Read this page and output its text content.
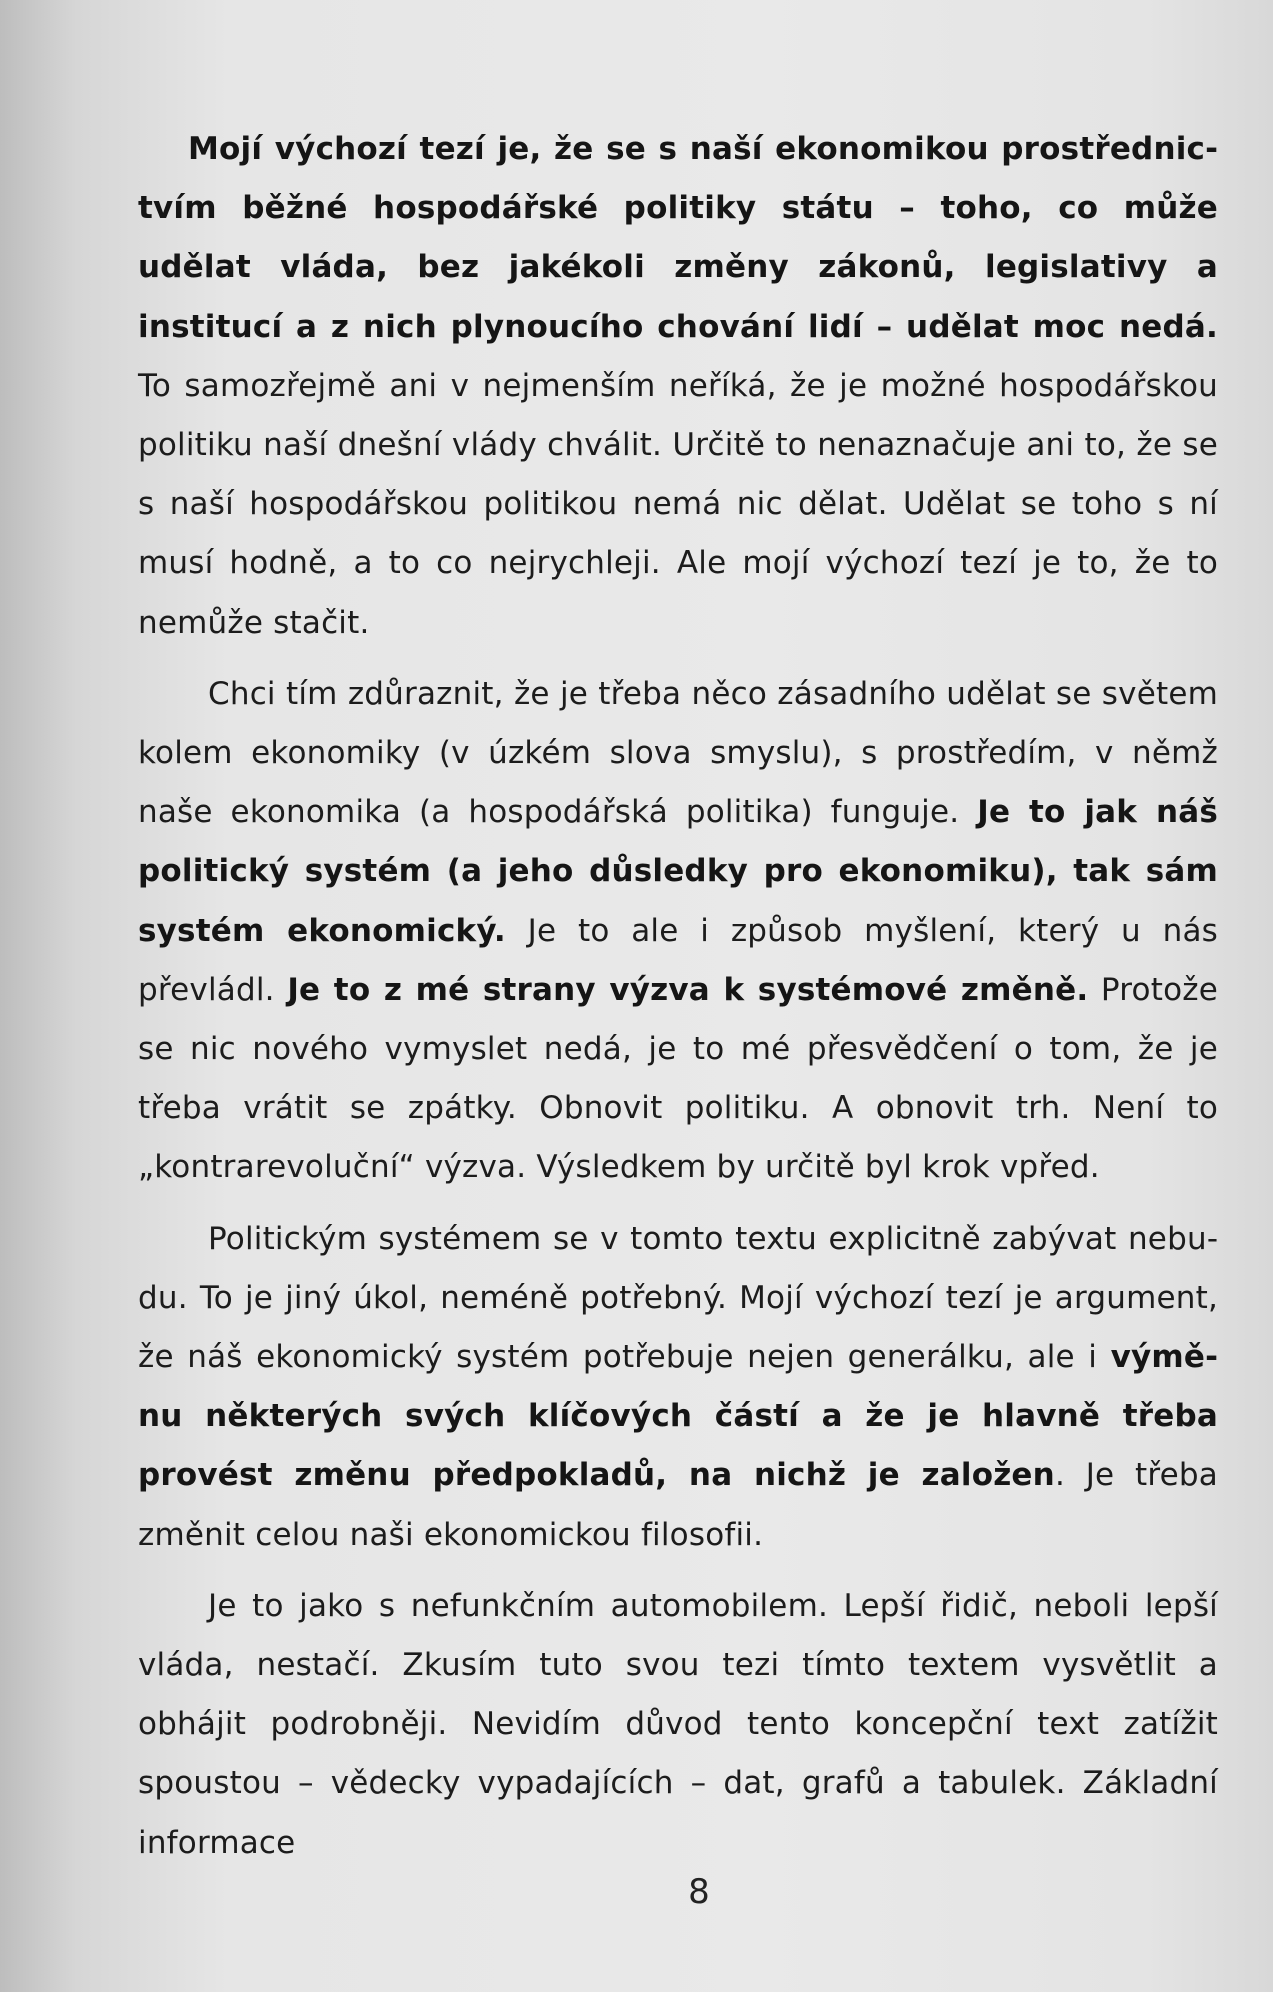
Mojí výchozí tezí je, že se s naší ekonomikou prostřednictvím běžné hospodářské politiky státu – toho, co může udělat vláda, bez jakékoli změny zákonů, legislativy a institucí a z nich plynoucího chování lidí – udělat moc nedá. To samozřejmě ani v nejmenším neříká, že je možné hospodářskou politiku naší dnešní vlády chválit. Určitě to nenaznačuje ani to, že se s naší hospodářskou politikou nemá nic dělat. Udělat se toho s ní musí hodně, a to co nejrychleji. Ale mojí výchozí tezí je to, že to nemůže stačit.

Chci tím zdůraznit, že je třeba něco zásadního udělat se světem kolem ekonomiky (v úzkém slova smyslu), s prostředím, v němž naše ekonomika (a hospodářská politika) funguje. Je to jak náš politický systém (a jeho důsledky pro ekonomiku), tak sám systém ekonomický. Je to ale i způsob myšlení, který u nás převládl. Je to z mé strany výzva k systémové změně. Protože se nic nového vymyslet nedá, je to mé přesvědčení o tom, že je třeba vrátit se zpátky. Obnovit politiku. A obnovit trh. Není to „kontrarevoluční“ výzva. Výsledkem by určitě byl krok vpřed.

Politickým systémem se v tomto textu explicitně zabývat nebudu. To je jiný úkol, neméně potřebný. Mojí výchozí tezí je argument, že náš ekonomický systém potřebuje nejen generálku, ale i výměnu některých svých klíčových částí a že je hlavně třeba provést změnu předpokladů, na nichž je založen. Je třeba změnit celou naši ekonomickou filosofii.

Je to jako s nefunkčním automobilem. Lepší řidič, neboli lepší vláda, nestačí. Zkusím tuto svou tezi tímto textem vysvětlit a obhájit podrobněji. Nevidím důvod tento koncepční text zatížit spoustou – vědecky vypadajících – dat, grafů a tabulek. Základní informace

8
